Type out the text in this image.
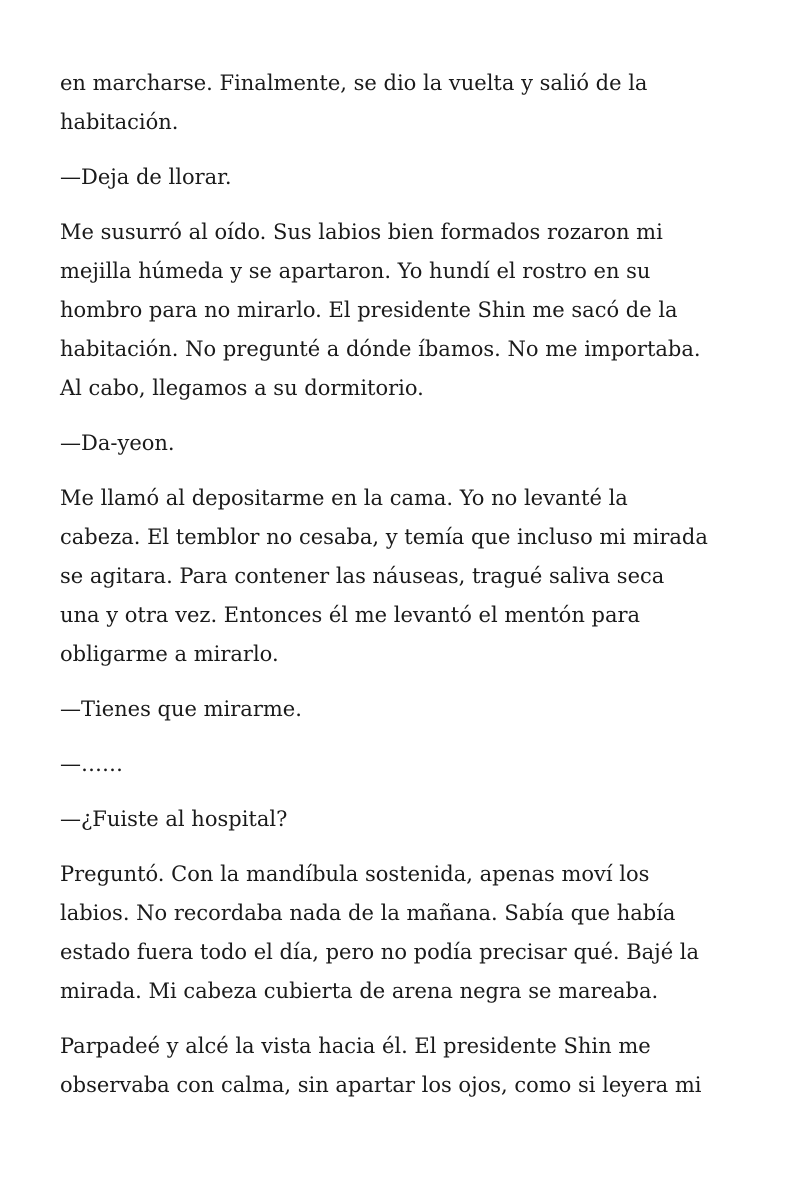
en marcharse. Finalmente, se dio la vuelta y salió de la
habitación.

—Deja de llorar.

Me susurró al oído. Sus labios bien formados rozaron mi
mejilla húmeda y se apartaron. Yo hundí el rostro en su
hombro para no mirarlo. El presidente Shin me sacó de la
habitación. No pregunté a dónde íbamos. No me importaba.
Al cabo, llegamos a su dormitorio.

—Da-yeon.

Me llamó al depositarme en la cama. Yo no levanté la
cabeza. El temblor no cesaba, y temía que incluso mi mirada
se agitara. Para contener las náuseas, tragué saliva seca
una y otra vez. Entonces él me levantó el mentón para
obligarme a mirarlo.

—Tienes que mirarme.

—……

—¿Fuiste al hospital?

Preguntó. Con la mandíbula sostenida, apenas moví los
labios. No recordaba nada de la mañana. Sabía que había
estado fuera todo el día, pero no podía precisar qué. Bajé la
mirada. Mi cabeza cubierta de arena negra se mareaba.

Parpadeé y alcé la vista hacia él. El presidente Shin me
observaba con calma, sin apartar los ojos, como si leyera mi
